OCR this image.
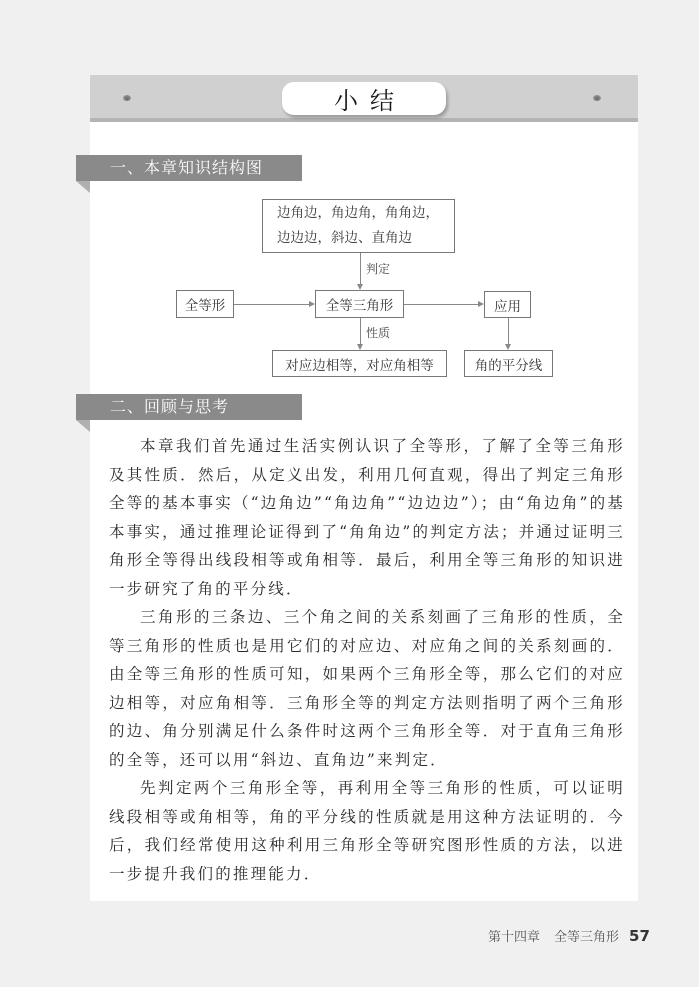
小结
一、本章知识结构图
边角边，角边角，角角边，
边边边，斜边、直角边
判定
全等形	全等三角形	应用
性质
对应边相等，对应角相等	角的平分线
二、回顾与思考

本章我们首先通过生活实例认识了全等形，了解了全等三角形及其性质．然后，从定义出发，利用几何直观，得出了判定三角形全等的基本事实（“边角边”“角边角”“边边边”）；由“角边角”的基本事实，通过推理论证得到了“角角边”的判定方法；并通过证明三角形全等得出线段相等或角相等．最后，利用全等三角形的知识进一步研究了角的平分线．

三角形的三条边、三个角之间的关系刻画了三角形的性质，全等三角形的性质也是用它们的对应边、对应角之间的关系刻画的．由全等三角形的性质可知，如果两个三角形全等，那么它们的对应边相等，对应角相等．三角形全等的判定方法则指明了两个三角形的边、角分别满足什么条件时这两个三角形全等．对于直角三角形的全等，还可以用“斜边、直角边”来判定．

先判定两个三角形全等，再利用全等三角形的性质，可以证明线段相等或角相等，角的平分线的性质就是用这种方法证明的．今后，我们经常使用这种利用三角形全等研究图形性质的方法，以进一步提升我们的推理能力．

第十四章 全等三角形 57
